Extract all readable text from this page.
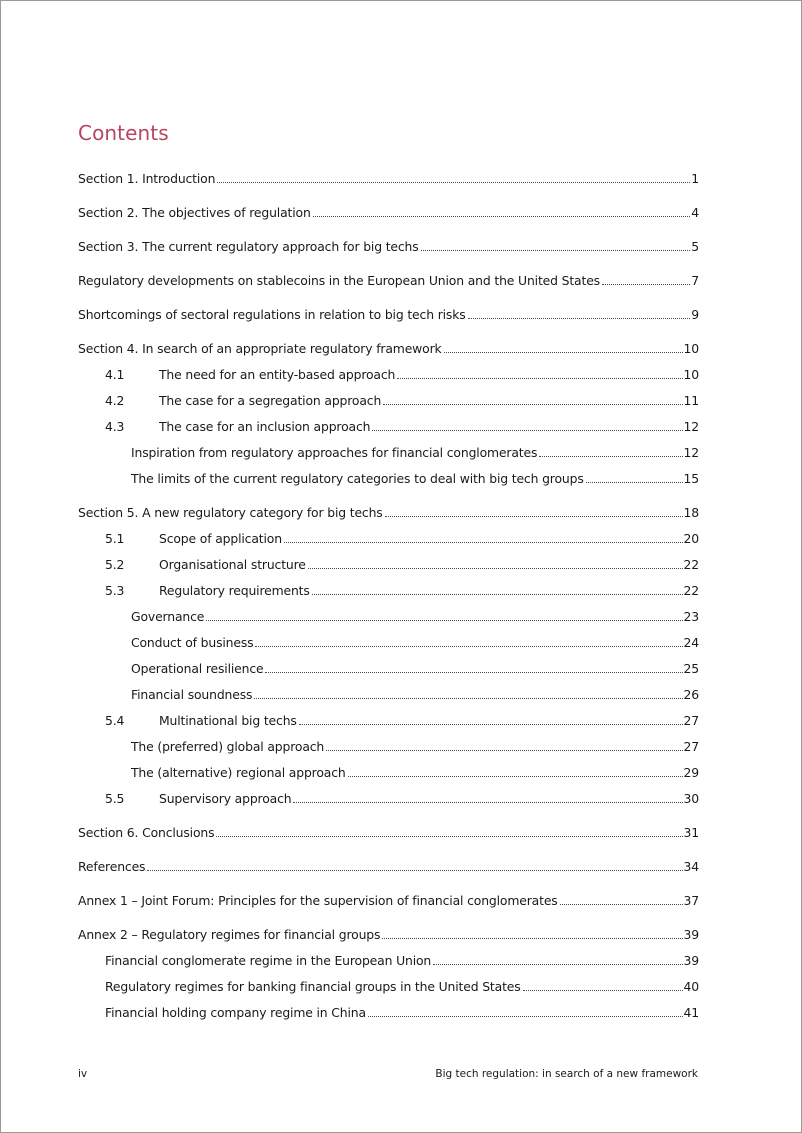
Contents
Section 1. Introduction	1
Section 2. The objectives of regulation	4
Section 3. The current regulatory approach for big techs	5
Regulatory developments on stablecoins in the European Union and the United States	7
Shortcomings of sectoral regulations in relation to big tech risks	9
Section 4. In search of an appropriate regulatory framework	10
4.1	The need for an entity-based approach	10
4.2	The case for a segregation approach	11
4.3	The case for an inclusion approach	12
Inspiration from regulatory approaches for financial conglomerates	12
The limits of the current regulatory categories to deal with big tech groups	15
Section 5. A new regulatory category for big techs	18
5.1	Scope of application	20
5.2	Organisational structure	22
5.3	Regulatory requirements	22
Governance	23
Conduct of business	24
Operational resilience	25
Financial soundness	26
5.4	Multinational big techs	27
The (preferred) global approach	27
The (alternative) regional approach	29
5.5	Supervisory approach	30
Section 6. Conclusions	31
References	34
Annex 1 – Joint Forum: Principles for the supervision of financial conglomerates	37
Annex 2 – Regulatory regimes for financial groups	39
Financial conglomerate regime in the European Union	39
Regulatory regimes for banking financial groups in the United States	40
Financial holding company regime in China	41
iv	Big tech regulation: in search of a new framework
